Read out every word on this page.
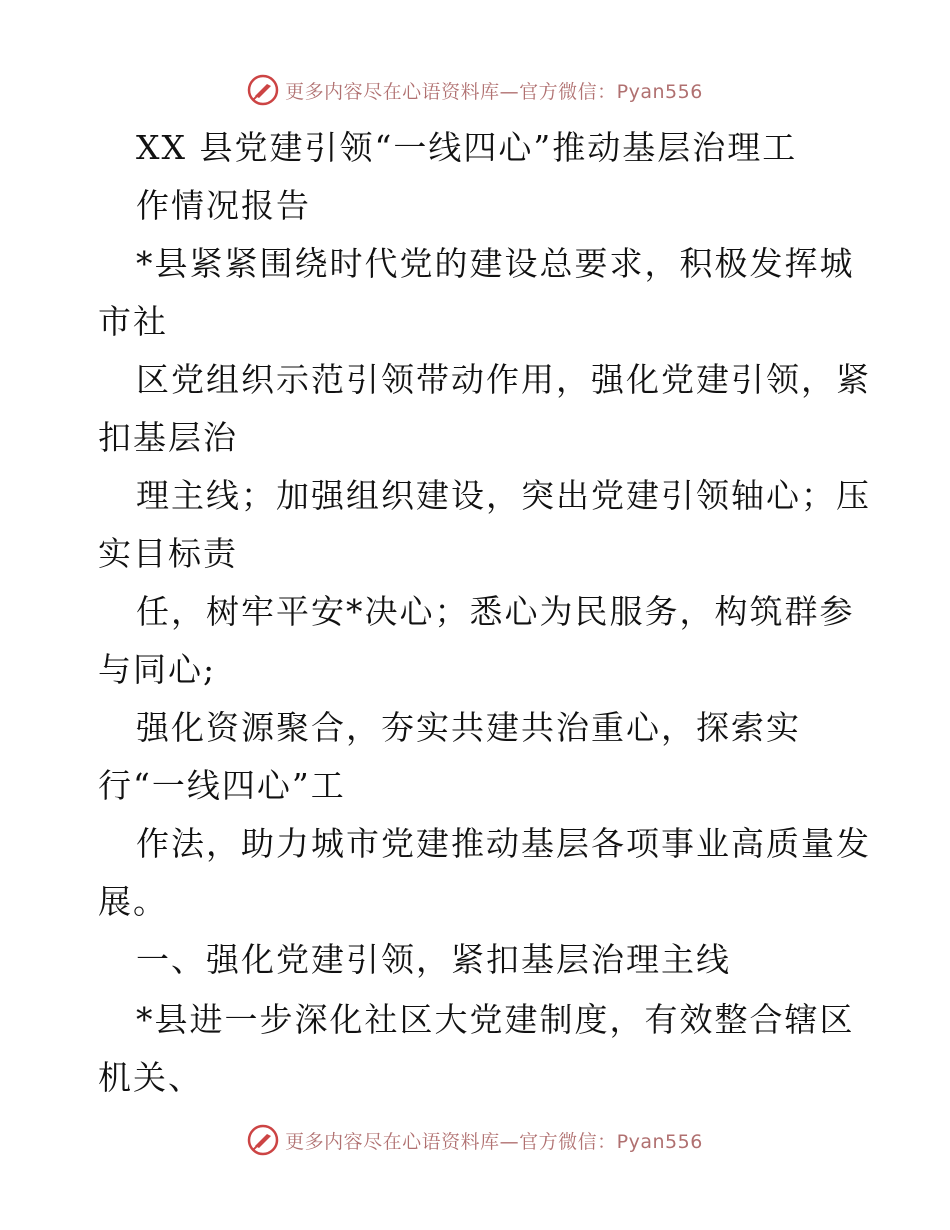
更多内容尽在心语资料库—官方微信：Pyan556
XX 县党建引领“一线四心”推动基层治理工
作情况报告
*县紧紧围绕时代党的建设总要求，积极发挥城
市社
区党组织示范引领带动作用，强化党建引领，紧
扣基层治
理主线；加强组织建设，突出党建引领轴心；压
实目标责
任，树牢平安*决心；悉心为民服务，构筑群参
与同心;
强化资源聚合，夯实共建共治重心，探索实
行“一线四心”工
作法，助力城市党建推动基层各项事业高质量发
展。
一、强化党建引领，紧扣基层治理主线
*县进一步深化社区大党建制度，有效整合辖区
机关、
更多内容尽在心语资料库—官方微信：Pyan556
